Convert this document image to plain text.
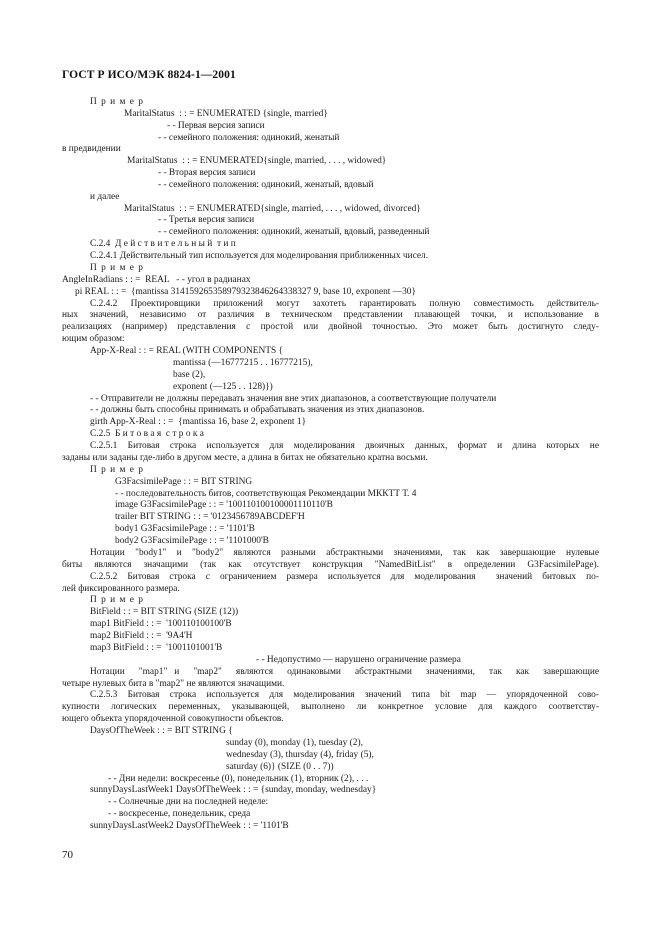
ГОСТ Р ИСО/МЭК 8824-1—2001
П р и м е р
MaritalStatus  : : = ENUMERATED {single, married}
- - Первая версия записи
- - семейного положения: одинокий, женатый
в предвидении
MaritalStatus  : : = ENUMERATED{single, married, . . . , widowed}
- - Вторая версия записи
- - семейного положения: одинокий, женатый, вдовый
и далее
MaritalStatus  : : = ENUMERATED{single, married, . . . , widowed, divorced}
- - Третья версия записи
- - семейного положения: одинокий, женатый, вдовый, разведенный
С.2.4  Д е й с т в и т е л ь н ы й  т и п
С.2.4.1 Действительный тип используется для моделирования приближенных чисел.
П р и м е р
AngleInRadians : : =  REAL   - - угол в радианах
pi REAL : : =  {mantissa 314159265358979323846264338327 9, base 10, exponent —30}
С.2.4.2 Проектировщики приложений могут захотеть гарантировать полную совместимость действитель-
ных значений, независимо от различия в техническом представлении плавающей точки, и использование в
реализациях (например) представления с простой или двойной точностью. Это может быть достигнуто следу-
ющим образом:
App-X-Real : : = REAL (WITH COMPONENTS {
mantissa (—16777215 . . 16777215),
base (2),
exponent (—125 . . 128)})
- - Отправители не должны передавать значения вне этих диапазонов, а соответствующие получатели
- - должны быть способны принимать и обрабатывать значения из этих диапазонов.
girth App-X-Real : : =  {mantissa 16, base 2, exponent 1}
С.2.5  Б и т о в а я  с т р о к а
С.2.5.1 Битовая строка используется для моделирования двоичных данных, формат и длина которых не
заданы или заданы где-либо в другом месте, а длина в битах не обязательно кратна восьми.
П р и м е р
G3FacsimilePage : : = BIT STRING
- - последовательность битов, соответствующая Рекомендации МККТТ Т. 4
image G3FacsimilePage : : = '100110100100001110110'B
trailer BIT STRING : : = '0123456789ABCDEF'H
body1 G3FacsimilePage : : = '1101'B
body2 G3FacsimilePage : : = '1101000'B
Нотации "body1" и "body2" являются разными абстрактными значениями, так как завершающие нулевые
биты являются значащими (так как отсутствует конструкция "NamedBitList" в определении G3FacsimilePage).
С.2.5.2 Битовая строка с ограничением размера используется для моделирования  значений битовых по-
лей фиксированного размера.
П р и м е р
BitField : : = BIT STRING (SIZE (12))
map1 BitField : : =  '100110100100'B
map2 BitField : : =  '9A4'H
map3 BitField : : =  '1001101001'B
- - Недопустимо — нарушено ограничение размера
Нотации  "map1" и  "map2"  являются  одинаковыми  абстрактными  значениями,  так  как  завершающие
четыре нулевых бита в "map2" не являются значащими.
С.2.5.3 Битовая строка используется для моделирования значений типа bit map — упорядоченной сово-
купности логических переменных, указывающей, выполнено ли конкретное условие для каждого соответству-
ющего объекта упорядоченной совокупности объектов.
DaysOfTheWeek : : = BIT STRING {
sunday (0), monday (1), tuesday (2),
wednesday (3), thursday (4), friday (5),
saturday (6)} (SIZE (0 . . 7))
- - Дни недели: воскресенье (0), понедельник (1), вторник (2), . . .
sunnyDaysLastWeek1 DaysOfTheWeek : : = {sunday, monday, wednesday}
- - Солнечные дни на последней неделе:
- - воскресенье, понедельник, среда
sunnyDaysLastWeek2 DaysOfTheWeek : : = '1101'B
70
